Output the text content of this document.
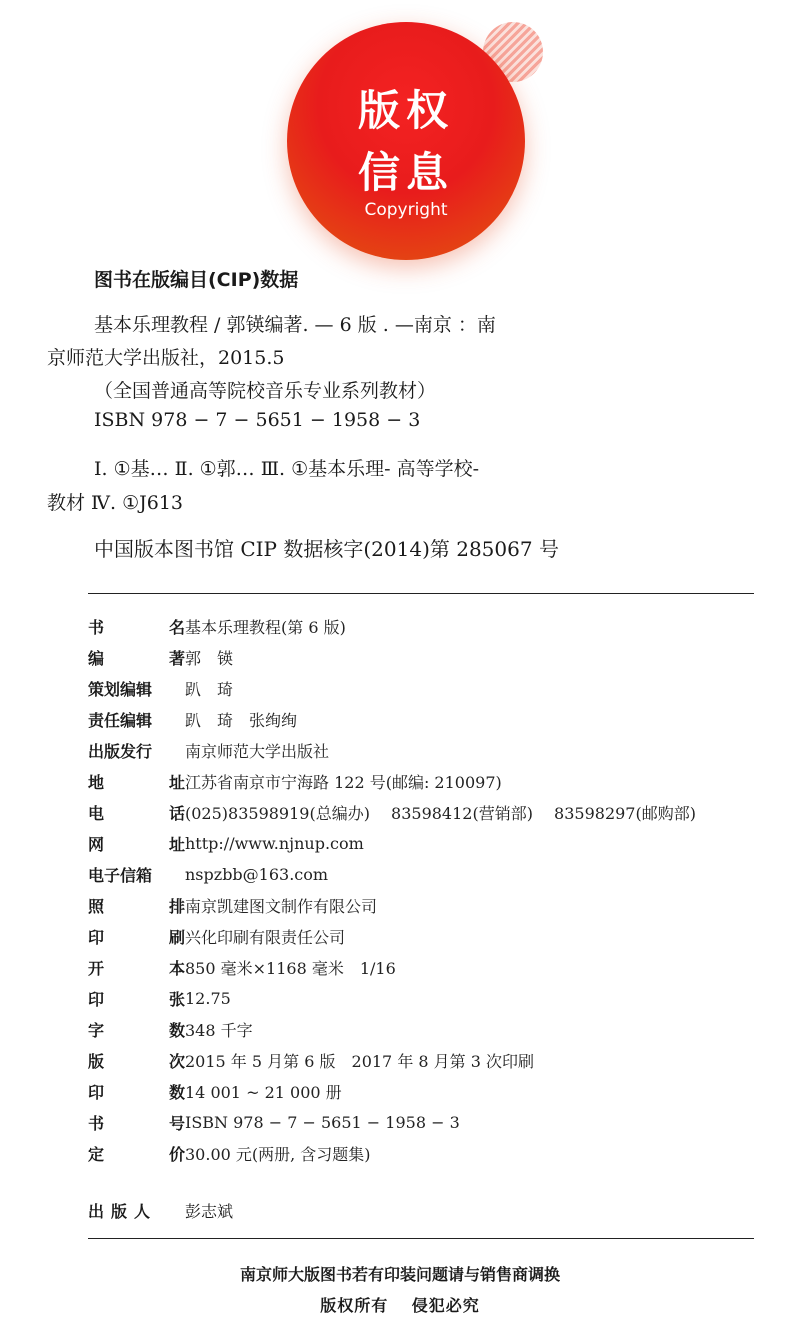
版权
信息
Copyright
图书在版编目(CIP)数据
基本乐理教程 / 郭锳编著. — 6 版 . —南京 ：南
京师范大学出版社，2015.5
（全国普通高等院校音乐专业系列教材）
ISBN 978 − 7 − 5651 − 1958 − 3
Ⅰ. ①基… Ⅱ. ①郭… Ⅲ. ①基本乐理- 高等学校-
教材 Ⅳ. ①J613
中国版本图书馆 CIP 数据核字(2014)第 285067 号
书	名 基本乐理教程(第 6 版)
编	著 郭　锳
策划编辑 趴　琦
责任编辑 趴　琦　张绚绚
出版发行 南京师范大学出版社
地	址 江苏省南京市宁海路 122 号(邮编: 210097)
电	话 (025)83598919(总编办)　 83598412(营销部)　 83598297(邮购部)
网	址 http://www.njnup.com
电子信箱 nspzbb@163.com
照	排 南京凯建图文制作有限公司
印	刷 兴化印刷有限责任公司
开	本 850 毫米×1168 毫米　1/16
印	张 12.75
字	数 348 千字
版	次 2015 年 5 月第 6 版　2017 年 8 月第 3 次印刷
印	数 14 001 ~ 21 000 册
书	号 ISBN 978 − 7 − 5651 − 1958 − 3
定	价 30.00 元(两册, 含习题集)
出版人	彭志斌
南京师大版图书若有印装问题请与销售商调换
版权所有　 侵犯必究
